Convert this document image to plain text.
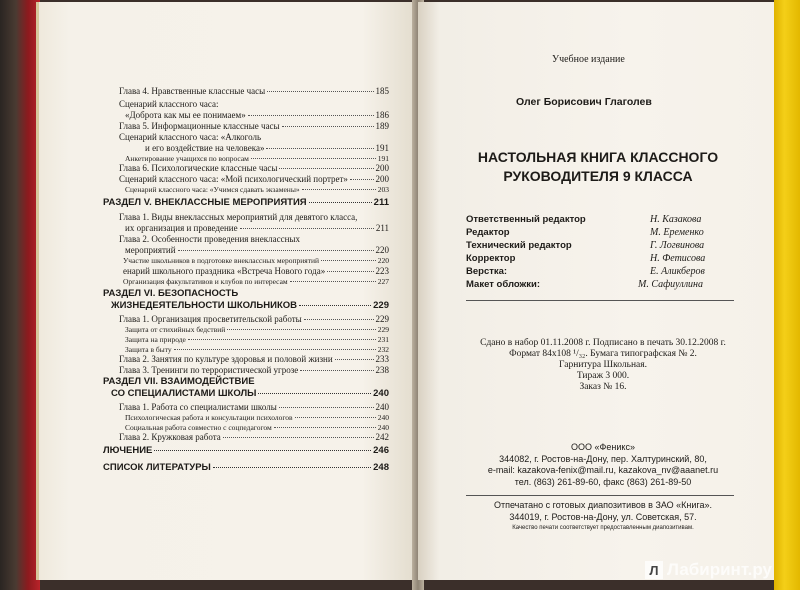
Глава 4. Нравственные классные часы	185
Сценарий классного часа:
«Доброта как мы ее понимаем»	186
Глава 5. Информационные классные часы	189
Сценарий классного часа: «Алкоголь
и его воздействие на человека»	191
Анкетирование учащихся по вопросам	191
Глава 6. Психологические классные часы	200
Сценарий классного часа: «Мой психологический портрет»	200
Сценарий классного часа: «Учимся сдавать экзамены»	203
РАЗДЕЛ V. ВНЕКЛАССНЫЕ МЕРОПРИЯТИЯ	211
Глава 1. Виды внеклассных мероприятий для девятого класса,
их организация и проведение	211
Глава 2. Особенности проведения внеклассных
мероприятий	220
Участие школьников в подготовке внеклассных мероприятий	220
енарий школьного праздника «Встреча Нового года»	223
Организация факультативов и клубов по интересам	227
РАЗДЕЛ VI. БЕЗОПАСНОСТЬ
ЖИЗНЕДЕЯТЕЛЬНОСТИ ШКОЛЬНИКОВ	229
Глава 1. Организация просветительской работы	229
Защита от стихийных бедствий	229
Защита на природе	231
Защита в быту	232
Глава 2. Занятия по культуре здоровья и половой жизни	233
Глава 3. Тренинги по террористической угрозе	238
РАЗДЕЛ VII. ВЗАИМОДЕЙСТВИЕ
СО СПЕЦИАЛИСТАМИ ШКОЛЫ	240
Глава 1. Работа со специалистами школы	240
Психологическая работа и консультации психологов	240
Социальная работа совместно с соцпедагогом	240
Глава 2. Кружковая работа	242
ЛЮЧЕНИЕ	246
СПИСОК ЛИТЕРАТУРЫ	248
Учебное издание
Олег Борисович Глаголев
НАСТОЛЬНАЯ КНИГА КЛАССНОГО
РУКОВОДИТЕЛЯ 9 КЛАССА
Ответственный редактор	Н. Казакова
Редактор	М. Еременко
Технический редактор	Г. Логвинова
Корректор	Н. Фетисова
Верстка:	Е. Аликберов
Макет обложки:	М. Сафиуллина
Сдано в набор 01.11.2008 г. Подписано в печать 30.12.2008 г.
Формат 84x108 ¹/₃₂. Бумага типографская № 2.
Гарнитура Школьная.
Тираж 3 000.
Заказ № 16.
ООО «Феникс»
344082, г. Ростов-на-Дону, пер. Халтуринский, 80,
e-mail: kazakova-fenix@mail.ru, kazakova_nv@aaanet.ru
тел. (863) 261-89-60, факс (863) 261-89-50
Отпечатано с готовых диапозитивов в ЗАО «Книга».
344019, г. Ростов-на-Дону, ул. Советская, 57.
Качество печати соответствует предоставленным диапозитивам.
Л Лабиринт.ру
